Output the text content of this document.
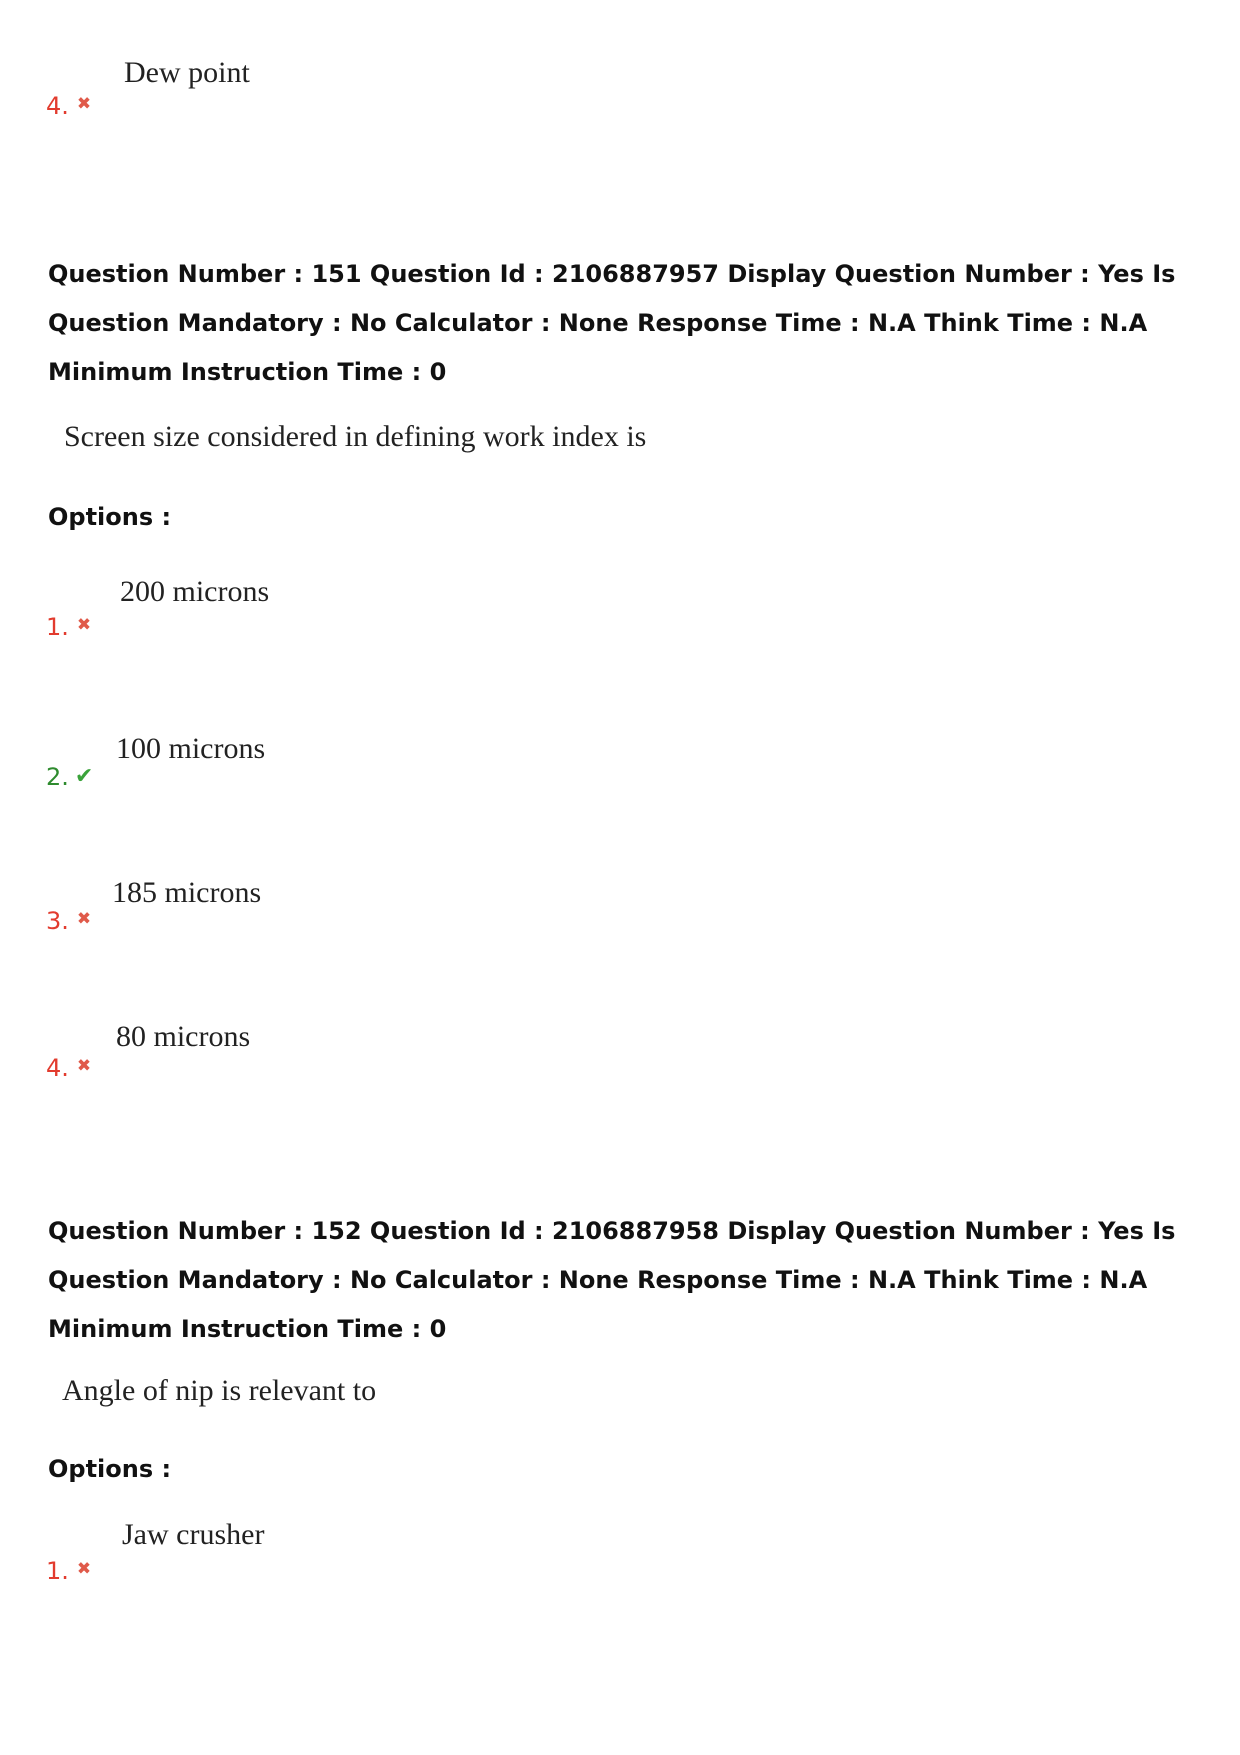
Dew point
4. ✖
Question Number : 151 Question Id : 2106887957 Display Question Number : Yes Is Question Mandatory : No Calculator : None Response Time : N.A Think Time : N.A Minimum Instruction Time : 0
Screen size considered in defining work index is
Options :
200 microns
1. ✖
100 microns
2. ✔
185 microns
3. ✖
80 microns
4. ✖
Question Number : 152 Question Id : 2106887958 Display Question Number : Yes Is Question Mandatory : No Calculator : None Response Time : N.A Think Time : N.A Minimum Instruction Time : 0
Angle of nip is relevant to
Options :
Jaw crusher
1. ✖
